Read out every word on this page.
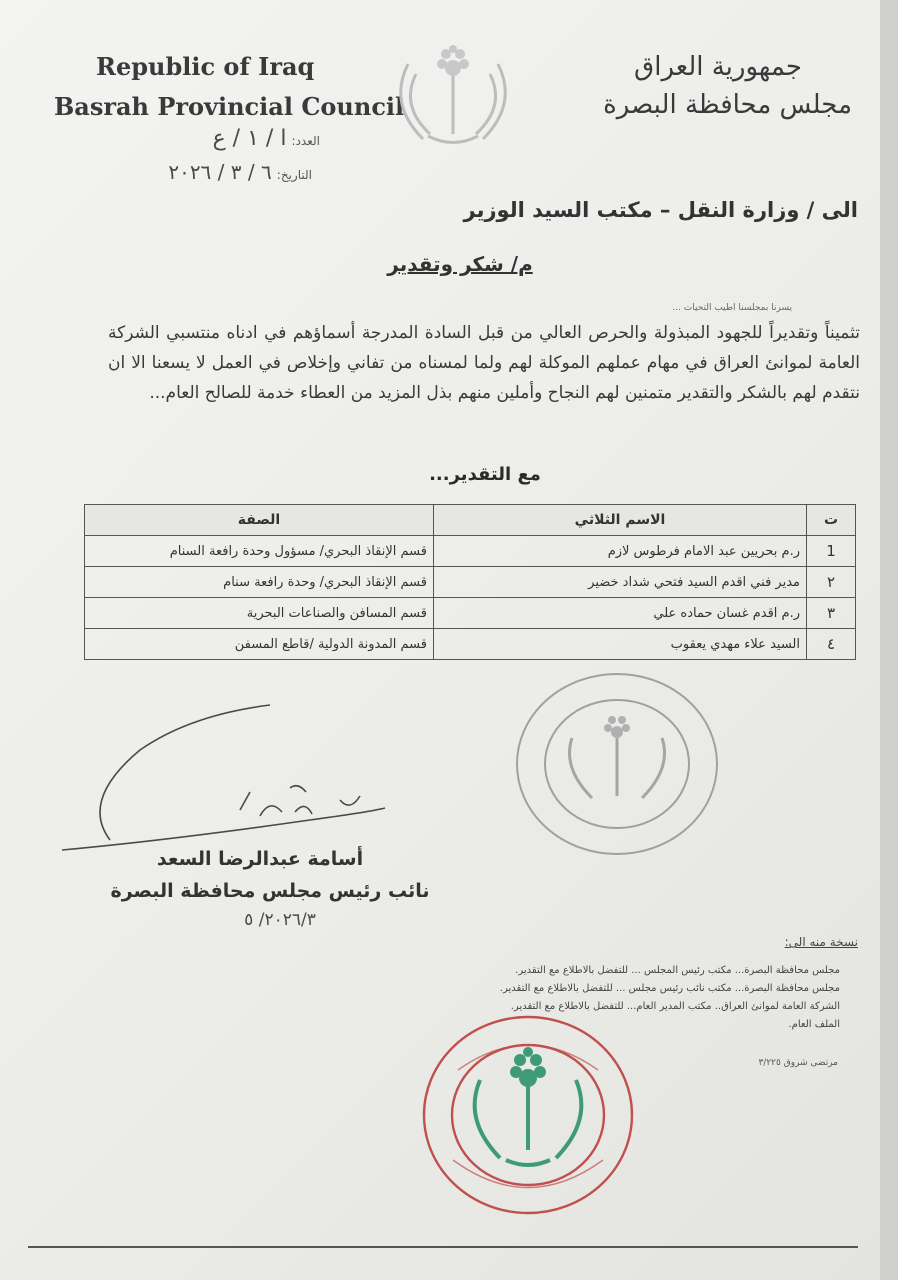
Republic of Iraq
Basrah Provincial Council
جمهورية العراق
مجلس محافظة البصرة
العدد: ا / ١ / ع
التاريخ: ٦ / ٣ / ٢٠٢٦
الى / وزارة النقل – مكتب السيد الوزير
م/ شكر وتقدير
يسرنا بمجلسنا اطيب التحيات ...
تثميناً وتقديراً للجهود المبذولة والحرص العالي من قبل السادة المدرجة أسماؤهم في ادناه منتسبي الشركة العامة لموانئ العراق في مهام عملهم الموكلة لهم ولما لمسناه من تفاني وإخلاص في العمل لا يسعنا الا ان نتقدم لهم بالشكر والتقدير متمنين لهم النجاح وأملين منهم بذل المزيد من العطاء خدمة للصالح العام...
مع التقدير...
ت	الاسم الثلاثي	الصفة
1	ر.م بحريين عبد الامام فرطوس لازم	قسم الإنقاذ البحري/ مسؤول وحدة رافعة السنام
٢	مدير فني اقدم السيد فتحي شداد خضير	قسم الإنقاذ البحري/ وحدة رافعة سنام
٣	ر.م اقدم غسان حماده علي	قسم المسافن والصناعات البحرية
٤	السيد علاء مهدي يعقوب	قسم المدونة الدولية /قاطع المسفن
أسامة عبدالرضا السعد
نائب رئيس مجلس محافظة البصرة
٢٠٢٦/٣/ ٥
نسخة منه الى:
مجلس محافظة البصرة... مكتب رئيس المجلس ... للتفضل بالاطلاع مع التقدير.
مجلس محافظة البصرة... مكتب نائب رئيس مجلس ... للتفضل بالاطلاع مع التقدير.
الشركة العامة لموانئ العراق.. مكتب المدير العام... للتفضل بالاطلاع مع التقدير.
الملف العام.
مرتضى شروق ٣/٢٢٥
